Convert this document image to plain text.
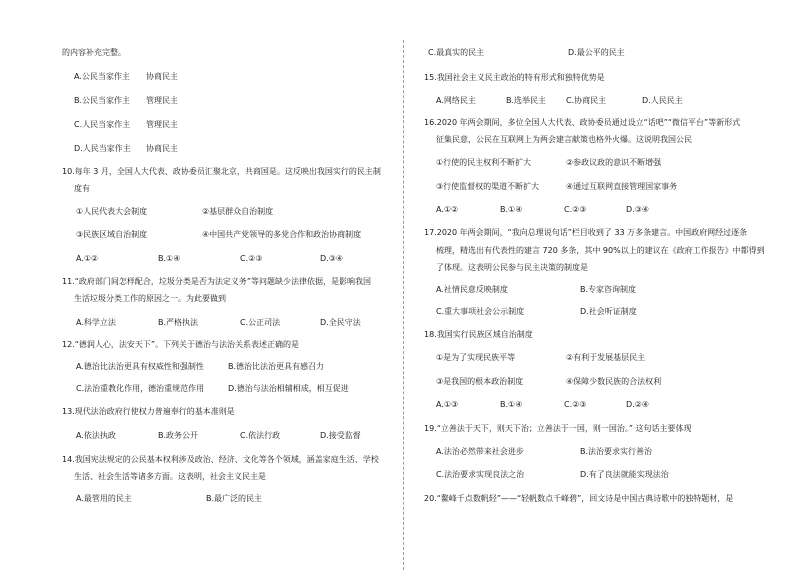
的内容补充完整。
A.公民当家作主 协商民主
B.公民当家作主 管理民主
C.人民当家作主 管理民主
D.人民当家作主 协商民主
10.每年 3 月，全国人大代表、政协委员汇聚北京，共商国是。这反映出我国实行的民主制
度有
①人民代表大会制度	②基层群众自治制度
③民族区域自治制度	④中国共产党领导的多党合作和政治协商制度
A.①②	B.①④	C.②③	D.③④
11.“政府部门间怎样配合，垃圾分类是否为法定义务”等问题缺少法律依据，是影响我国
生活垃圾分类工作的原因之一。为此要做到
A.科学立法	B.严格执法	C.公正司法	D.全民守法
12.“德润人心，法安天下”。下列关于德治与法治关系表述正确的是
A.德治比法治更具有权威性和强制性	B.德治比法治更具有感召力
C.法治重教化作用，德治重规范作用	D.德治与法治相辅相成，相互促进
13.现代法治政府行使权力普遍奉行的基本准则是
A.依法执政	B.政务公开	C.依法行政	D.接受监督
14.我国宪法规定的公民基本权利涉及政治、经济、文化等各个领域，涵盖家庭生活、学校
生活、社会生活等诸多方面。这表明，社会主义民主是
A.最管用的民主	B.最广泛的民主
C.最真实的民主	D.最公平的民主
15.我国社会主义民主政治的特有形式和独特优势是
A.网络民主	B.选举民主 C.协商民主	D.人民民主
16.2020 年两会期间，多位全国人大代表、政协委员通过设立“话吧”“微信平台”等新形式
征集民意，公民在互联网上为两会建言献策也格外火爆。这说明我国公民
①行使的民主权利不断扩大	②参政议政的意识不断增强
③行使监督权的渠道不断扩大	④通过互联网直接管理国家事务
A.①②	B.①④	C.②③	D.③④
17.2020 年两会期间，“我向总理说句话”栏目收到了 33 万多条建言。中国政府网经过逐条
梳理，精选出有代表性的建言 720 多条，其中 90%以上的建议在《政府工作报告》中都得到
了体现。这表明公民参与民主决策的制度是
A.社情民意反映制度	B.专家咨询制度
C.重大事项社会公示制度	D.社会听证制度
18.我国实行民族区域自治制度
①是为了实现民族平等	②有利于发展基层民主
③是我国的根本政治制度	④保障少数民族的合法权利
A.①③	B.①④	C.②③	D.②④
19.“立善法于天下，则天下治；立善法于一国，则一国治。” 这句话主要体现
A.法治必然带来社会进步	B.法治要求实行善治
C.法治要求实现良法之治	D.有了良法就能实现法治
20.“鳌峰千点数帆轻”——“轻帆数点千峰碧”，回文诗是中国古典诗歌中的独特题材，是
